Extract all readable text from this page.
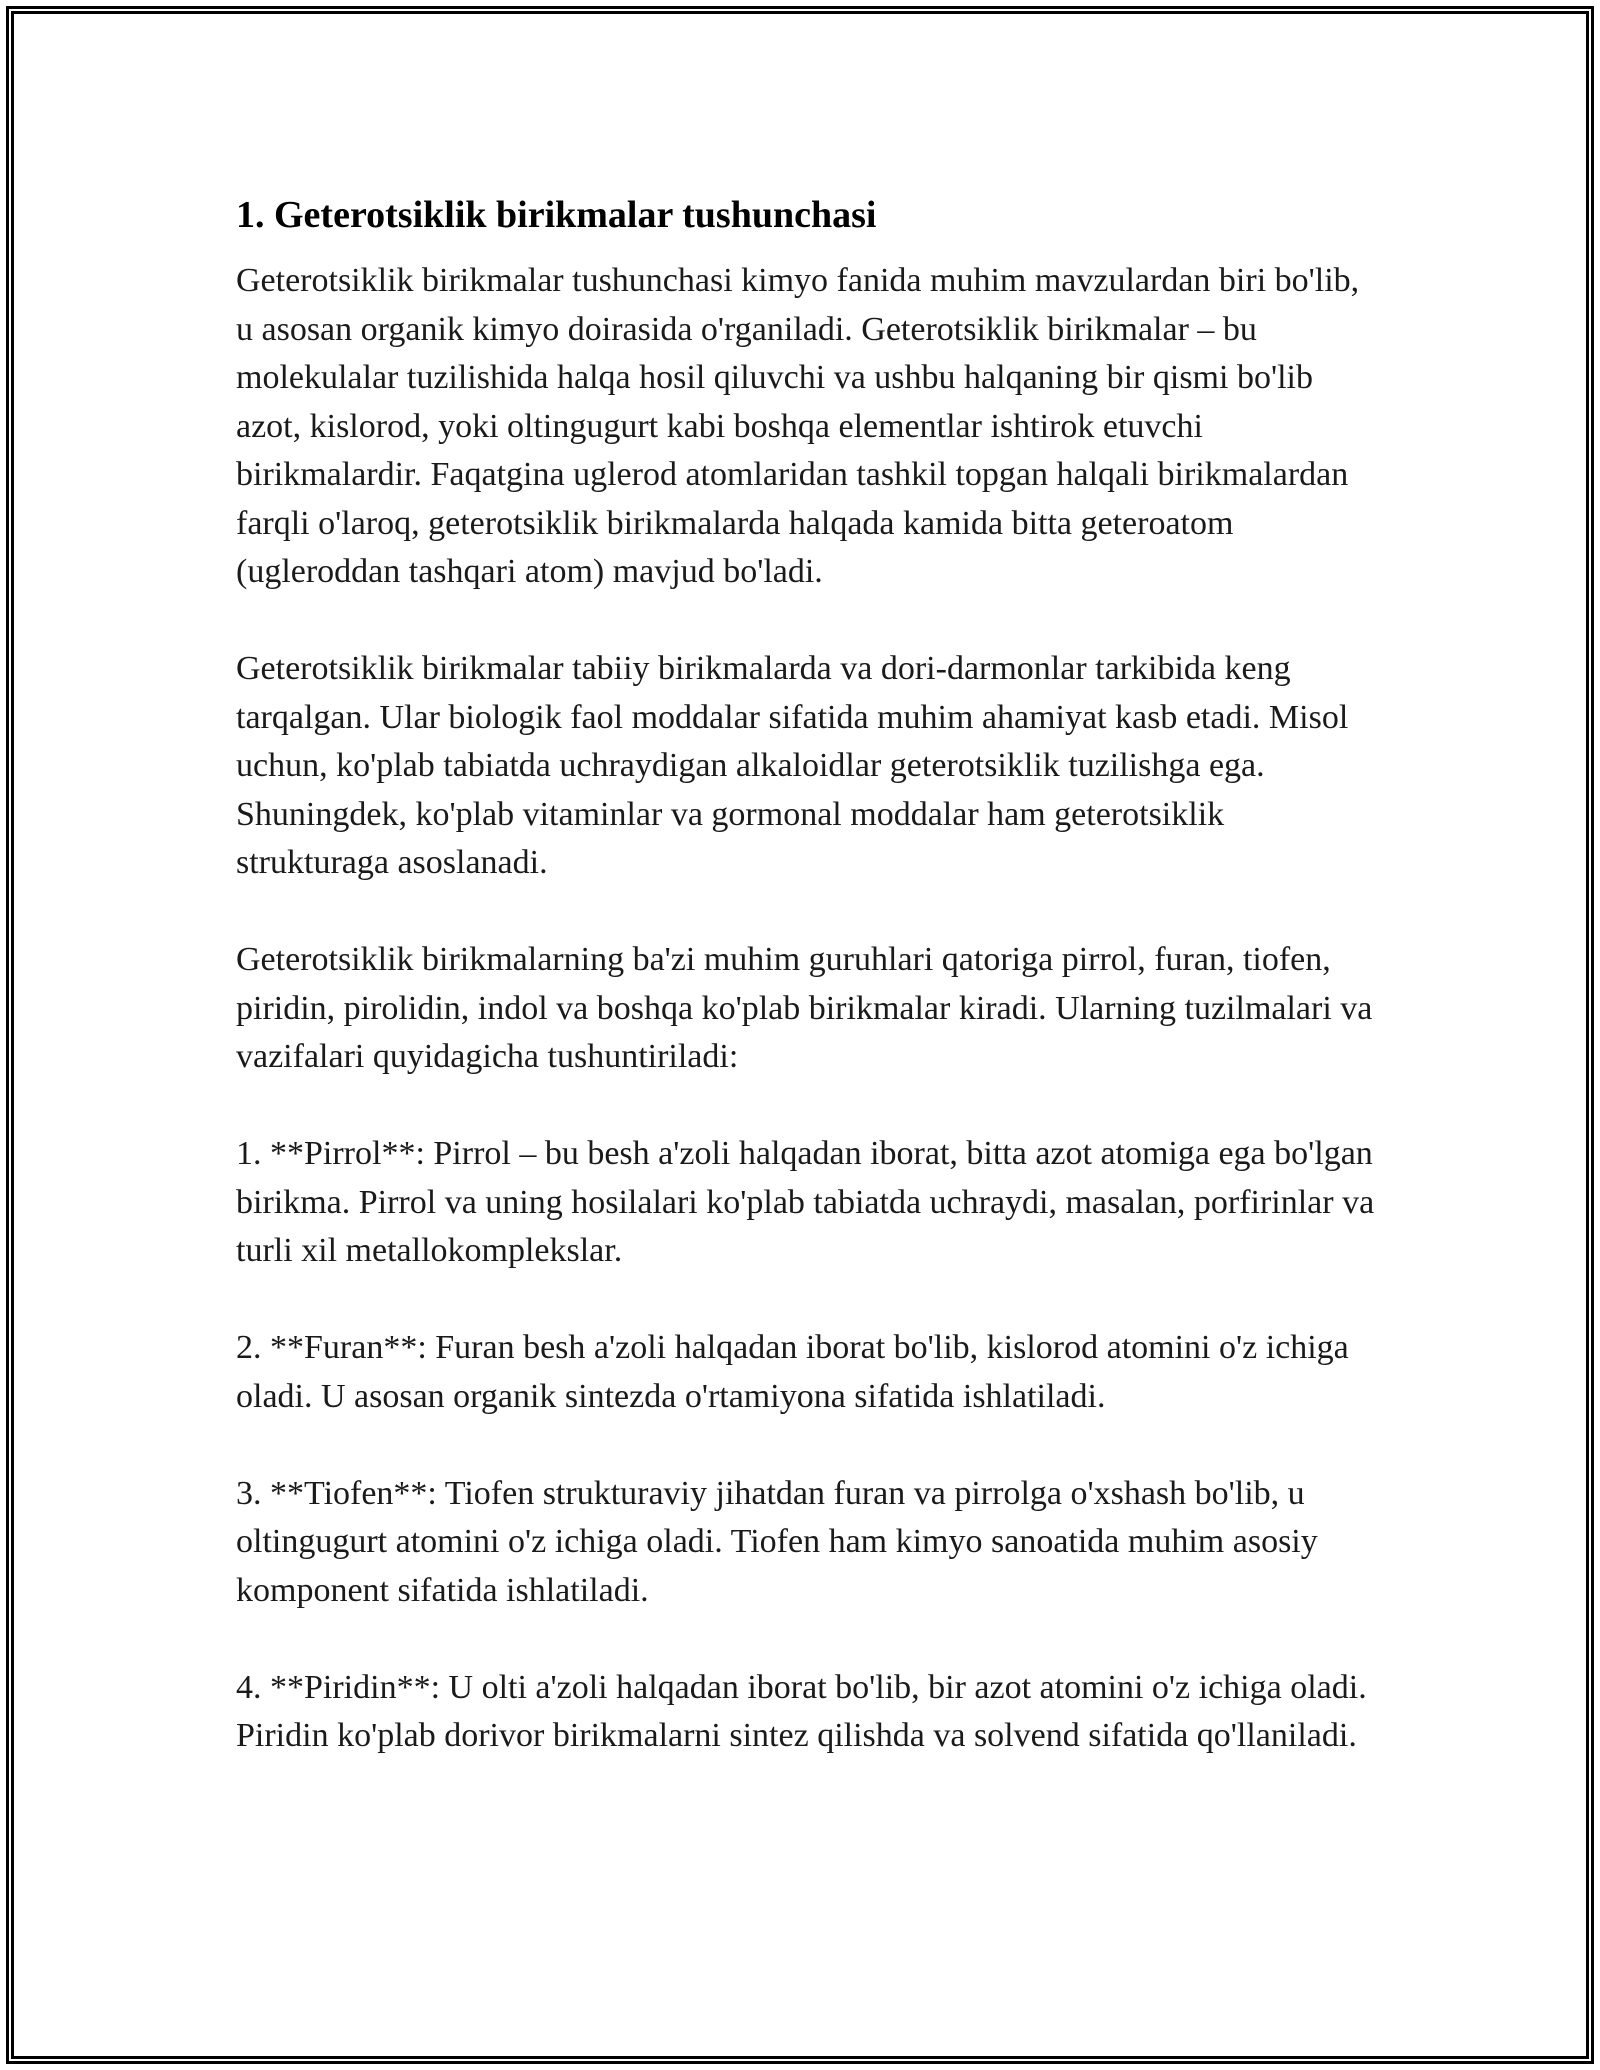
1. Geterotsiklik birikmalar tushunchasi

Geterotsiklik birikmalar tushunchasi kimyo fanida muhim mavzulardan biri bo'lib, u asosan organik kimyo doirasida o'rganiladi. Geterotsiklik birikmalar – bu molekulalar tuzilishida halqa hosil qiluvchi va ushbu halqaning bir qismi bo'lib azot, kislorod, yoki oltingugurt kabi boshqa elementlar ishtirok etuvchi birikmalardir. Faqatgina uglerod atomlaridan tashkil topgan halqali birikmalardan farqli o'laroq, geterotsiklik birikmalarda halqada kamida bitta geteroatom (ugleroddan tashqari atom) mavjud bo'ladi.

Geterotsiklik birikmalar tabiiy birikmalarda va dori-darmonlar tarkibida keng tarqalgan. Ular biologik faol moddalar sifatida muhim ahamiyat kasb etadi. Misol uchun, ko'plab tabiatda uchraydigan alkaloidlar geterotsiklik tuzilishga ega. Shuningdek, ko'plab vitaminlar va gormonal moddalar ham geterotsiklik strukturaga asoslanadi.

Geterotsiklik birikmalarning ba'zi muhim guruhlari qatoriga pirrol, furan, tiofen, piridin, pirolidin, indol va boshqa ko'plab birikmalar kiradi. Ularning tuzilmalari va vazifalari quyidagicha tushuntiriladi:

1. **Pirrol**: Pirrol – bu besh a'zoli halqadan iborat, bitta azot atomiga ega bo'lgan birikma. Pirrol va uning hosilalari ko'plab tabiatda uchraydi, masalan, porfirinlar va turli xil metallokomplekslar.

2. **Furan**: Furan besh a'zoli halqadan iborat bo'lib, kislorod atomini o'z ichiga oladi. U asosan organik sintezda o'rtamiyona sifatida ishlatiladi.

3. **Tiofen**: Tiofen strukturaviy jihatdan furan va pirrolga o'xshash bo'lib, u oltingugurt atomini o'z ichiga oladi. Tiofen ham kimyo sanoatida muhim asosiy komponent sifatida ishlatiladi.

4. **Piridin**: U olti a'zoli halqadan iborat bo'lib, bir azot atomini o'z ichiga oladi. Piridin ko'plab dorivor birikmalarni sintez qilishda va solvend sifatida qo'llaniladi.
